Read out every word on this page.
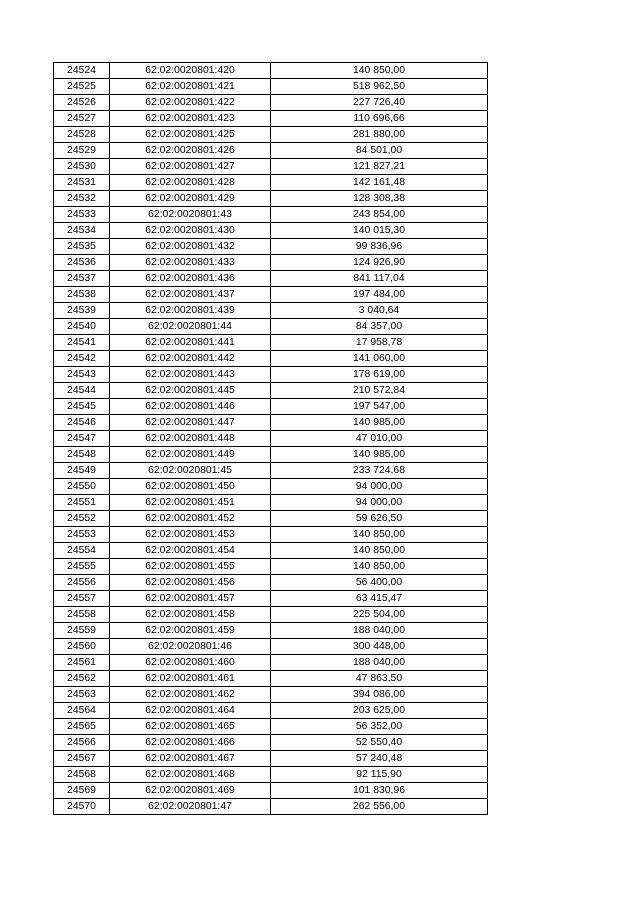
24524	62:02:0020801:420	140 850,00
24525	62:02:0020801:421	518 962,50
24526	62:02:0020801:422	227 726,40
24527	62:02:0020801:423	110 696,66
24528	62:02:0020801:425	281 880,00
24529	62:02:0020801:426	84 501,00
24530	62:02:0020801:427	121 827,21
24531	62:02:0020801:428	142 161,48
24532	62:02:0020801:429	128 308,38
24533	62:02:0020801:43	243 854,00
24534	62:02:0020801:430	140 015,30
24535	62:02:0020801:432	99 836,96
24536	62:02:0020801:433	124 926,90
24537	62:02:0020801:436	841 117,04
24538	62:02:0020801:437	197 484,00
24539	62:02:0020801:439	3 040,64
24540	62:02:0020801:44	84 357,00
24541	62:02:0020801:441	17 958,78
24542	62:02:0020801:442	141 060,00
24543	62:02:0020801:443	178 619,00
24544	62:02:0020801:445	210 572,84
24545	62:02:0020801:446	197 547,00
24546	62:02:0020801:447	140 985,00
24547	62:02:0020801:448	47 010,00
24548	62:02:0020801:449	140 985,00
24549	62:02:0020801:45	233 724,68
24550	62:02:0020801:450	94 000,00
24551	62:02:0020801:451	94 000,00
24552	62:02:0020801:452	59 626,50
24553	62:02:0020801:453	140 850,00
24554	62:02:0020801:454	140 850,00
24555	62:02:0020801:455	140 850,00
24556	62:02:0020801:456	56 400,00
24557	62:02:0020801:457	63 415,47
24558	62:02:0020801:458	225 504,00
24559	62:02:0020801:459	188 040,00
24560	62:02:0020801:46	300 448,00
24561	62:02:0020801:460	188 040,00
24562	62:02:0020801:461	47 863,50
24563	62:02:0020801:462	394 086,00
24564	62:02:0020801:464	203 625,00
24565	62:02:0020801:465	56 352,00
24566	62:02:0020801:466	52 550,40
24567	62:02:0020801:467	57 240,48
24568	62:02:0020801:468	92 115,90
24569	62:02:0020801:469	101 830,96
24570	62:02:0020801:47	262 556,00
